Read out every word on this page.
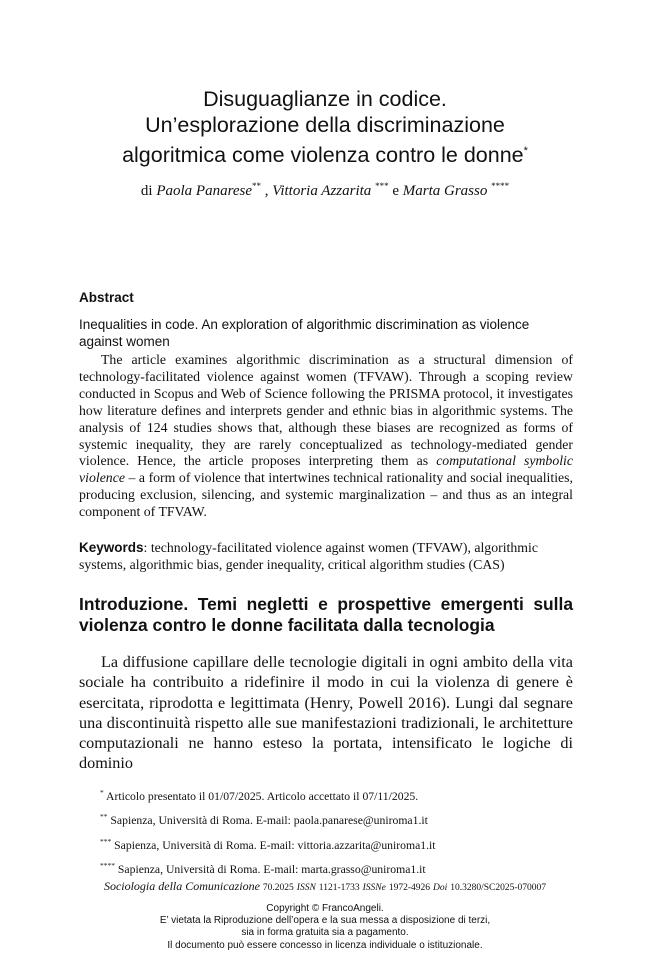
Disuguaglianze in codice.
Un’esplorazione della discriminazione
algoritmica come violenza contro le donne*
di Paola Panarese** , Vittoria Azzarita *** e Marta Grasso ****
Abstract
Inequalities in code. An exploration of algorithmic discrimination as violence against women
The article examines algorithmic discrimination as a structural dimension of technology-facilitated violence against women (TFVAW). Through a scoping review conducted in Scopus and Web of Science following the PRISMA protocol, it investigates how literature defines and interprets gender and ethnic bias in algorithmic systems. The analysis of 124 studies shows that, although these biases are recognized as forms of systemic inequality, they are rarely conceptualized as technology-mediated gender violence. Hence, the article proposes interpreting them as computational symbolic violence – a form of violence that intertwines technical rationality and social inequalities, producing exclusion, silencing, and systemic marginalization – and thus as an integral component of TFVAW.
Keywords: technology-facilitated violence against women (TFVAW), algorithmic systems, algorithmic bias, gender inequality, critical algorithm studies (CAS)
Introduzione. Temi negletti e prospettive emergenti sulla violenza contro le donne facilitata dalla tecnologia
La diffusione capillare delle tecnologie digitali in ogni ambito della vita sociale ha contribuito a ridefinire il modo in cui la violenza di genere è esercitata, riprodotta e legittimata (Henry, Powell 2016). Lungi dal segnare una discontinuità rispetto alle sue manifestazioni tradizionali, le architetture computazionali ne hanno esteso la portata, intensificato le logiche di dominio
* Articolo presentato il 01/07/2025. Articolo accettato il 07/11/2025.
** Sapienza, Università di Roma. E-mail: paola.panarese@uniroma1.it
*** Sapienza, Università di Roma. E-mail: vittoria.azzarita@uniroma1.it
**** Sapienza, Università di Roma. E-mail: marta.grasso@uniroma1.it
Sociologia della Comunicazione 70.2025 ISSN 1121-1733 ISSNe 1972-4926 Doi 10.3280/SC2025-070007
Copyright © FrancoAngeli.
E’ vietata la Riproduzione dell’opera e la sua messa a disposizione di terzi,
sia in forma gratuita sia a pagamento.
Il documento può essere concesso in licenza individuale o istituzionale.
